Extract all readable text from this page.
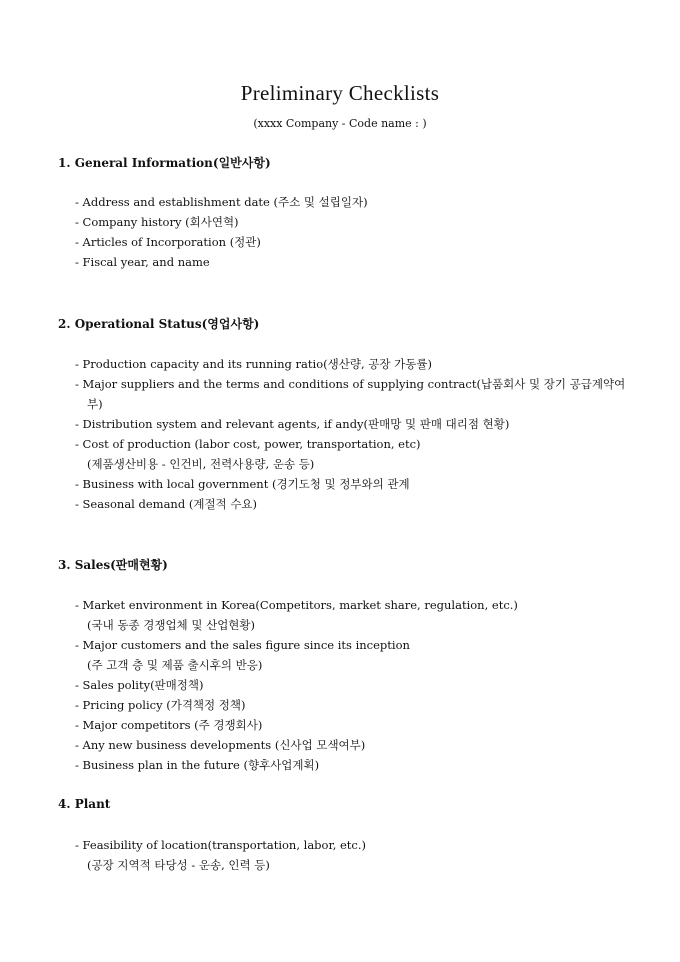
Preliminary Checklists
(xxxx Company - Code name : )
1. General Information(일반사항)
- Address and establishment date (주소 및 설립일자)
- Company history (회사연혁)
- Articles of Incorporation (정관)
- Fiscal year, and name
2. Operational Status(영업사항)
- Production capacity and its running ratio(생산량, 공장 가동률)
- Major suppliers and the terms and conditions of supplying contract(납품회사 및 장기 공급계약여부)
- Distribution system and relevant agents, if andy(판매망 및 판매 대리점 현황)
- Cost of production (labor cost, power, transportation, etc)
(제품생산비용 - 인건비, 전력사용량, 운송 등)
- Business with local government (경기도청 및 정부와의 관계
- Seasonal demand (계절적 수요)
3. Sales(판매현황)
- Market environment in Korea(Competitors, market share, regulation, etc.)
(국내 동종 경쟁업체 및 산업현황)
- Major customers and the sales figure since its inception
(주 고객 층 및 제품 출시후의 반응)
- Sales polity(판매정책)
- Pricing policy (가격책정 정책)
- Major competitors (주 경쟁회사)
- Any new business developments (신사업 모색여부)
- Business plan in the future (향후사업계획)
4. Plant
- Feasibility of location(transportation, labor, etc.)
(공장 지역적 타당성 - 운송, 인력 등)
